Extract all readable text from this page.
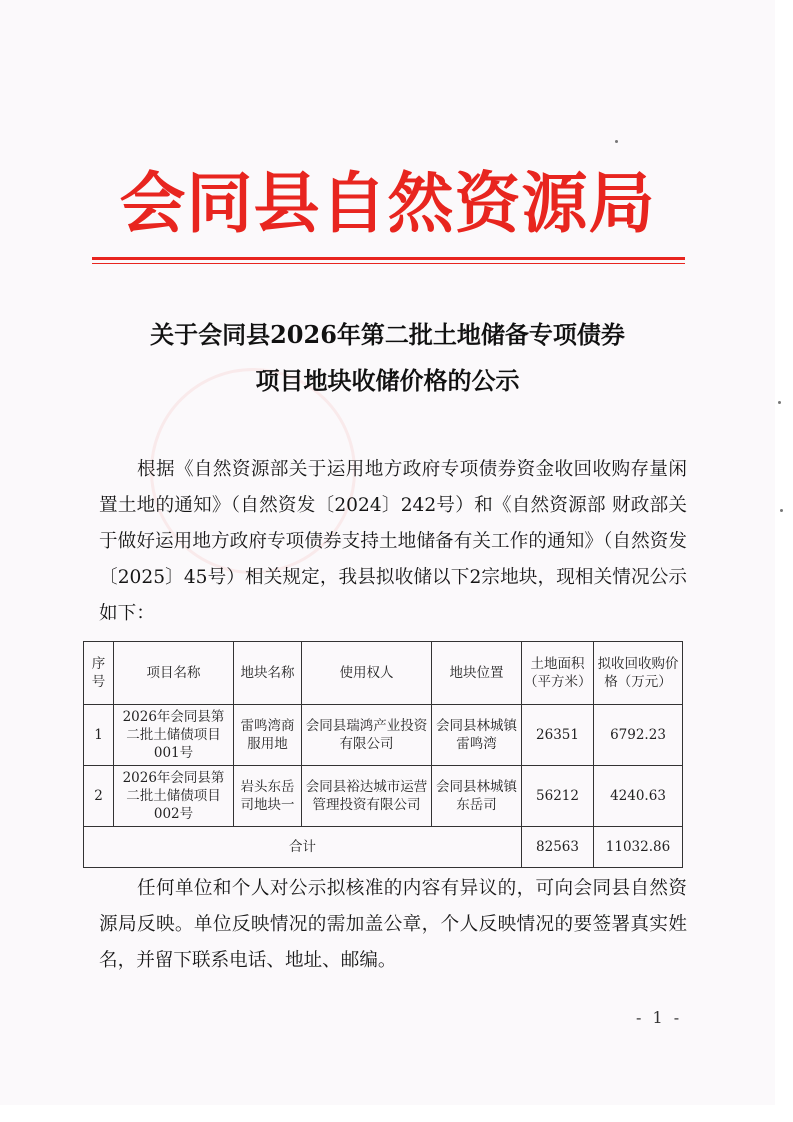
会同县自然资源局
关于会同县2026年第二批土地储备专项债券
项目地块收储价格的公示
根据《自然资源部关于运用地方政府专项债券资金收回收购存量闲置土地的通知》（自然资发〔2024〕242号）和《自然资源部 财政部关于做好运用地方政府专项债券支持土地储备有关工作的通知》（自然资发〔2025〕45号）相关规定，我县拟收储以下2宗地块，现相关情况公示如下：
序号	项目名称	地块名称	使用权人	地块位置	土地面积（平方米）	拟收回收购价格（万元）
1	2026年会同县第二批土储债项目001号	雷鸣湾商服用地	会同县瑞鸿产业投资有限公司	会同县林城镇雷鸣湾	26351	6792.23
2	2026年会同县第二批土储债项目002号	岩头东岳司地块一	会同县裕达城市运营管理投资有限公司	会同县林城镇东岳司	56212	4240.63
合计					82563	11032.86
任何单位和个人对公示拟核准的内容有异议的，可向会同县自然资源局反映。单位反映情况的需加盖公章，个人反映情况的要签署真实姓名，并留下联系电话、地址、邮编。
- 1 -
